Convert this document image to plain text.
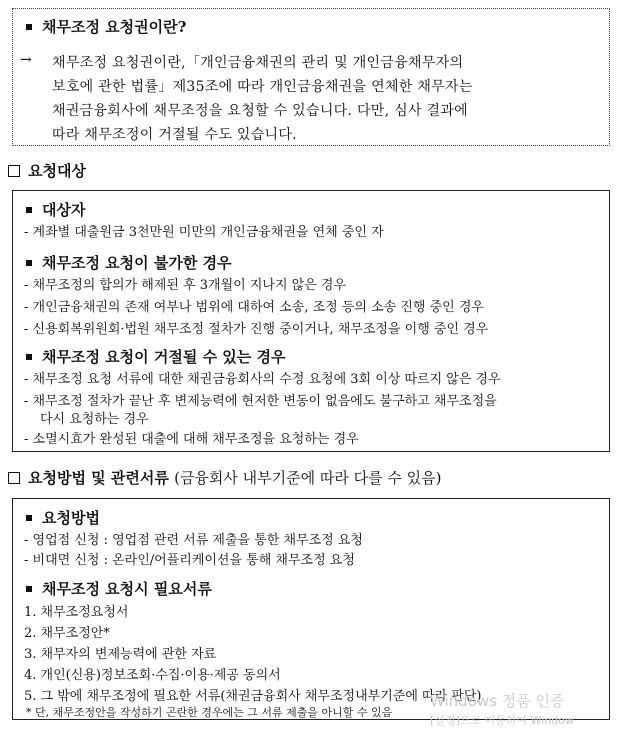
채무조정 요청권이란?
→ 채무조정 요청권이란,「개인금융채권의 관리 및 개인금융채무자의
보호에 관한 법률」제35조에 따라 개인금융채권을 연체한 채무자는
채권금융회사에 채무조정을 요청할 수 있습니다. 다만, 심사 결과에
따라 채무조정이 거절될 수도 있습니다.
요청대상
대상자
- 계좌별 대출원금 3천만원 미만의 개인금융채권을 연체 중인 자
채무조정 요청이 불가한 경우
- 채무조정의 합의가 해제된 후 3개월이 지나지 않은 경우
- 개인금융채권의 존재 여부나 범위에 대하여 소송, 조정 등의 소송 진행 중인 경우
- 신용회복위원회·법원 채무조정 절차가 진행 중이거나, 채무조정을 이행 중인 경우
채무조정 요청이 거절될 수 있는 경우
- 채무조정 요청 서류에 대한 채권금융회사의 수정 요청에 3회 이상 따르지 않은 경우
- 채무조정 절차가 끝난 후 변제능력에 현저한 변동이 없음에도 불구하고 채무조정을
다시 요청하는 경우
- 소멸시효가 완성된 대출에 대해 채무조정을 요청하는 경우
요청방법 및 관련서류 (금융회사 내부기준에 따라 다를 수 있음)
요청방법
- 영업점 신청 : 영업점 관련 서류 제출을 통한 채무조정 요청
- 비대면 신청 : 온라인/어플리케이션을 통해 채무조정 요청
채무조정 요청시 필요서류
1. 채무조정요청서
2. 채무조정안*
3. 채무자의 변제능력에 관한 자료
4. 개인(신용)정보조회·수집·이용·제공 동의서
5. 그 밖에 채무조정에 필요한 서류(채권금융회사 채무조정내부기준에 따라 판단)
* 단, 채무조정안을 작성하기 곤란한 경우에는 그 서류 제출을 아니할 수 있음
Windows 정품 인증
[설정]으로 이동하여 Window
